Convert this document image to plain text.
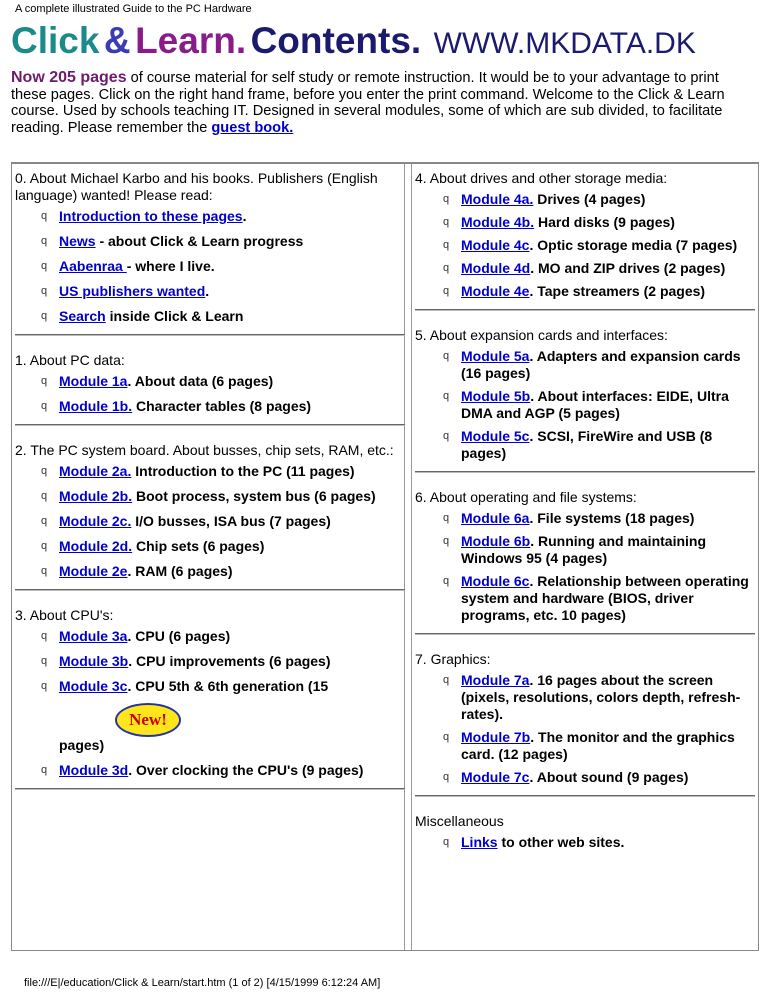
A complete illustrated Guide to the PC Hardware
Click & Learn. Contents. WWW.MKDATA.DK
Now 205 pages of course material for self study or remote instruction. It would be to your advantage to print these pages. Click on the right hand frame, before you enter the print command. Welcome to the Click & Learn course. Used by schools teaching IT. Designed in several modules, some of which are sub divided, to facilitate reading. Please remember the guest book.
0. About Michael Karbo and his books. Publishers (English language) wanted! Please read:
q Introduction to these pages.
q News - about Click & Learn progress
q Aabenraa - where I live.
q US publishers wanted.
q Search inside Click & Learn
1. About PC data:
q Module 1a. About data (6 pages)
q Module 1b. Character tables (8 pages)
2. The PC system board. About busses, chip sets, RAM, etc.:
q Module 2a. Introduction to the PC (11 pages)
q Module 2b. Boot process, system bus (6 pages)
q Module 2c. I/O busses, ISA bus (7 pages)
q Module 2d. Chip sets (6 pages)
q Module 2e. RAM (6 pages)
3. About CPU's:
q Module 3a. CPU (6 pages)
q Module 3b. CPU improvements (6 pages)
q Module 3c. CPU 5th & 6th generation (15
New!
pages)
q Module 3d. Over clocking the CPU's (9 pages)
4. About drives and other storage media:
q Module 4a. Drives (4 pages)
q Module 4b. Hard disks (9 pages)
q Module 4c. Optic storage media (7 pages)
q Module 4d. MO and ZIP drives (2 pages)
q Module 4e. Tape streamers (2 pages)
5. About expansion cards and interfaces:
q Module 5a. Adapters and expansion cards (16 pages)
q Module 5b. About interfaces: EIDE, Ultra DMA and AGP (5 pages)
q Module 5c. SCSI, FireWire and USB (8 pages)
6. About operating and file systems:
q Module 6a. File systems (18 pages)
q Module 6b. Running and maintaining Windows 95 (4 pages)
q Module 6c. Relationship between operating system and hardware (BIOS, driver programs, etc. 10 pages)
7. Graphics:
q Module 7a. 16 pages about the screen (pixels, resolutions, colors depth, refresh-rates).
q Module 7b. The monitor and the graphics card. (12 pages)
q Module 7c. About sound (9 pages)
Miscellaneous
q Links to other web sites.
file:///E|/education/Click & Learn/start.htm (1 of 2) [4/15/1999 6:12:24 AM]
